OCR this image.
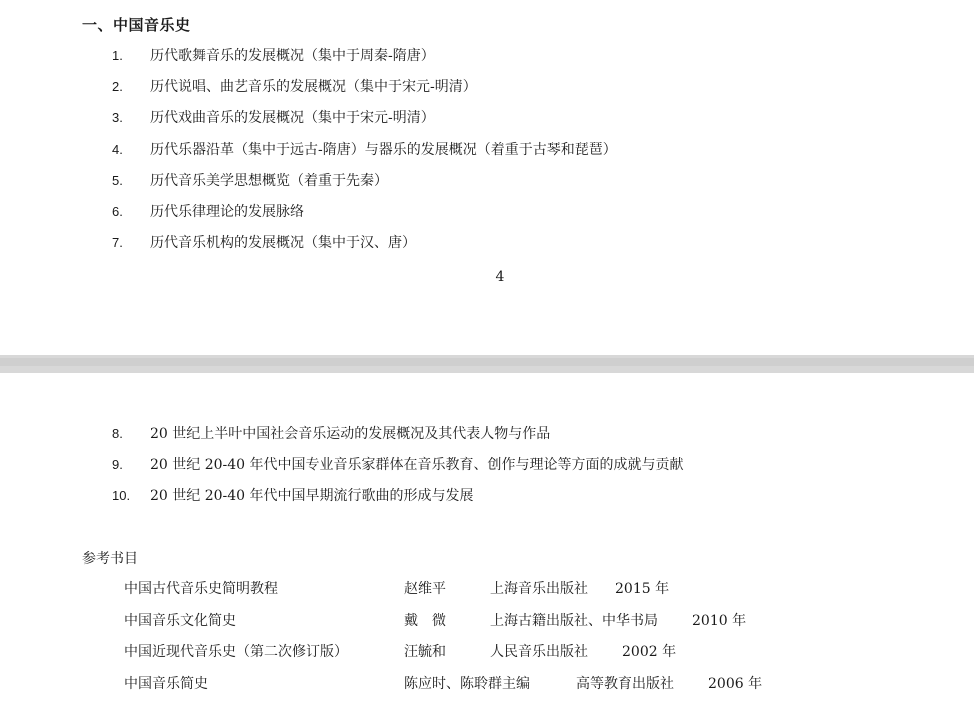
一、中国音乐史
1. 历代歌舞音乐的发展概况（集中于周秦-隋唐）
2. 历代说唱、曲艺音乐的发展概况（集中于宋元-明清）
3. 历代戏曲音乐的发展概况（集中于宋元-明清）
4. 历代乐器沿革（集中于远古-隋唐）与器乐的发展概况（着重于古琴和琵琶）
5. 历代音乐美学思想概览（着重于先秦）
6. 历代乐律理论的发展脉络
7. 历代音乐机构的发展概况（集中于汉、唐）
4
8. 20 世纪上半叶中国社会音乐运动的发展概况及其代表人物与作品
9. 20 世纪 20-40 年代中国专业音乐家群体在音乐教育、创作与理论等方面的成就与贡献
10. 20 世纪 20-40 年代中国早期流行歌曲的形成与发展
参考书目
中国古代音乐史简明教程	赵维平	上海音乐出版社 2015 年
中国音乐文化简史	戴　微	上海古籍出版社、中华书局 2010 年
中国近现代音乐史（第二次修订版）	汪毓和	人民音乐出版社 2002 年
中国音乐简史	陈应时、陈聆群主编	高等教育出版社 2006 年
